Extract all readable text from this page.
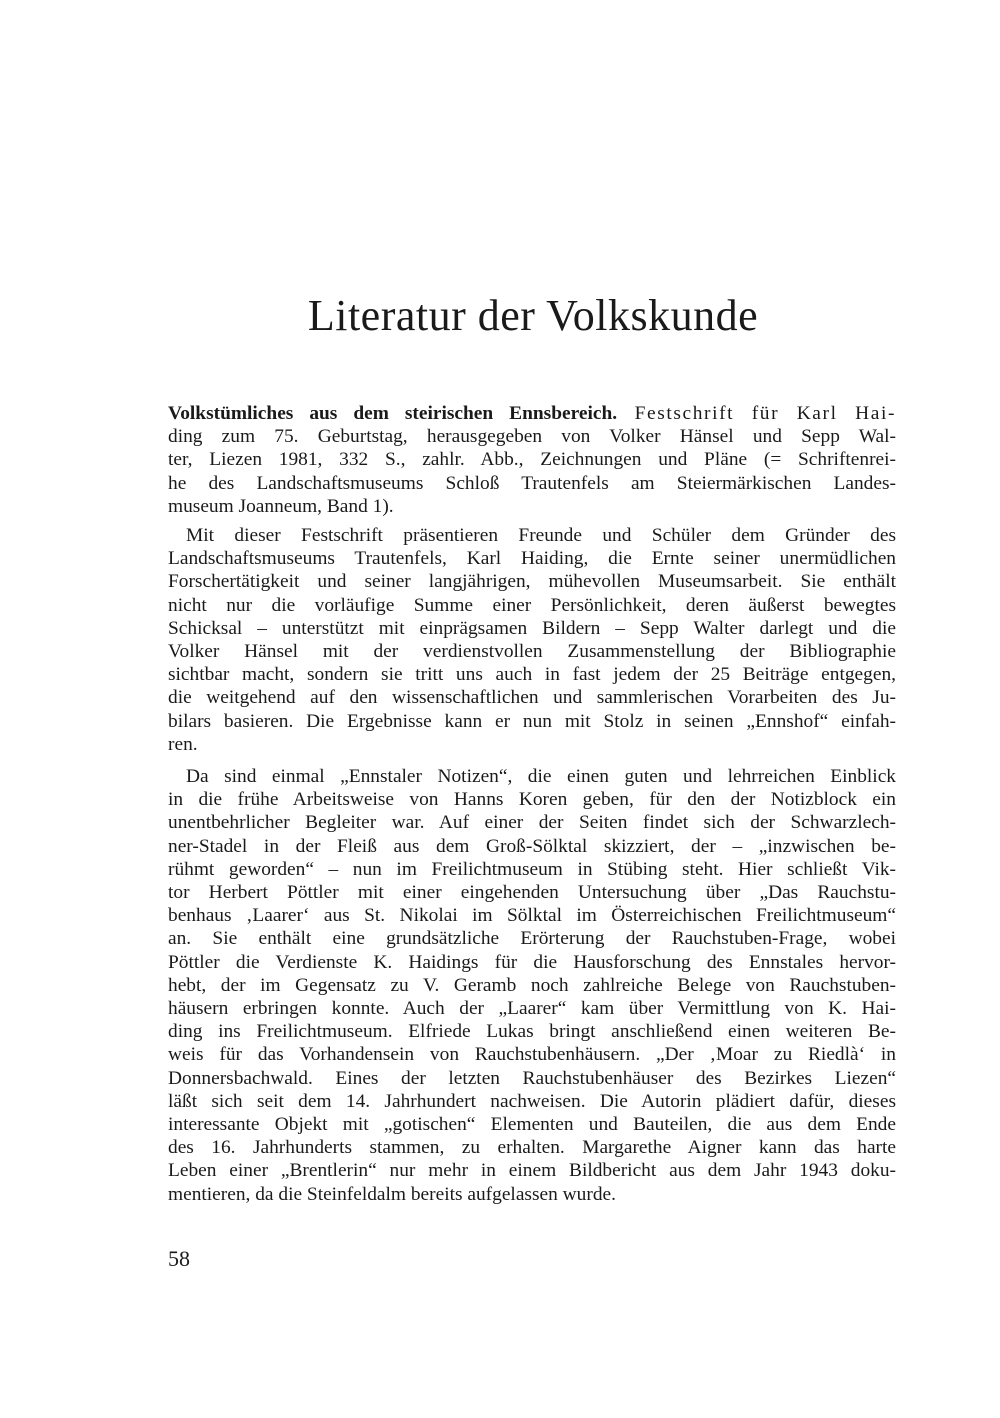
Literatur der Volkskunde
Volkstümliches aus dem steirischen Ennsbereich. Festschrift für Karl Hai-
ding zum 75. Geburtstag, herausgegeben von Volker Hänsel und Sepp Wal-
ter, Liezen 1981, 332 S., zahlr. Abb., Zeichnungen und Pläne (= Schriftenrei-
he des Landschaftsmuseums Schloß Trautenfels am Steiermärkischen Landes-
museum Joanneum, Band 1).
Mit dieser Festschrift präsentieren Freunde und Schüler dem Gründer des
Landschaftsmuseums Trautenfels, Karl Haiding, die Ernte seiner unermüdlichen
Forschertätigkeit und seiner langjährigen, mühevollen Museumsarbeit. Sie enthält
nicht nur die vorläufige Summe einer Persönlichkeit, deren äußerst bewegtes
Schicksal – unterstützt mit einprägsamen Bildern – Sepp Walter darlegt und die
Volker Hänsel mit der verdienstvollen Zusammenstellung der Bibliographie
sichtbar macht, sondern sie tritt uns auch in fast jedem der 25 Beiträge entgegen,
die weitgehend auf den wissenschaftlichen und sammlerischen Vorarbeiten des Ju-
bilars basieren. Die Ergebnisse kann er nun mit Stolz in seinen „Ennshof“ einfah-
ren.
Da sind einmal „Ennstaler Notizen“, die einen guten und lehrreichen Einblick
in die frühe Arbeitsweise von Hanns Koren geben, für den der Notizblock ein
unentbehrlicher Begleiter war. Auf einer der Seiten findet sich der Schwarzlech-
ner-Stadel in der Fleiß aus dem Groß-Sölktal skizziert, der – „inzwischen be-
rühmt geworden“ – nun im Freilichtmuseum in Stübing steht. Hier schließt Vik-
tor Herbert Pöttler mit einer eingehenden Untersuchung über „Das Rauchstu-
benhaus ‚Laarer‘ aus St. Nikolai im Sölktal im Österreichischen Freilichtmuseum“
an. Sie enthält eine grundsätzliche Erörterung der Rauchstuben-Frage, wobei
Pöttler die Verdienste K. Haidings für die Hausforschung des Ennstales hervor-
hebt, der im Gegensatz zu V. Geramb noch zahlreiche Belege von Rauchstuben-
häusern erbringen konnte. Auch der „Laarer“ kam über Vermittlung von K. Hai-
ding ins Freilichtmuseum. Elfriede Lukas bringt anschließend einen weiteren Be-
weis für das Vorhandensein von Rauchstubenhäusern. „Der ‚Moar zu Riedlà‘ in
Donnersbachwald. Eines der letzten Rauchstubenhäuser des Bezirkes Liezen“
läßt sich seit dem 14. Jahrhundert nachweisen. Die Autorin plädiert dafür, dieses
interessante Objekt mit „gotischen“ Elementen und Bauteilen, die aus dem Ende
des 16. Jahrhunderts stammen, zu erhalten. Margarethe Aigner kann das harte
Leben einer „Brentlerin“ nur mehr in einem Bildbericht aus dem Jahr 1943 doku-
mentieren, da die Steinfeldalm bereits aufgelassen wurde.

58
